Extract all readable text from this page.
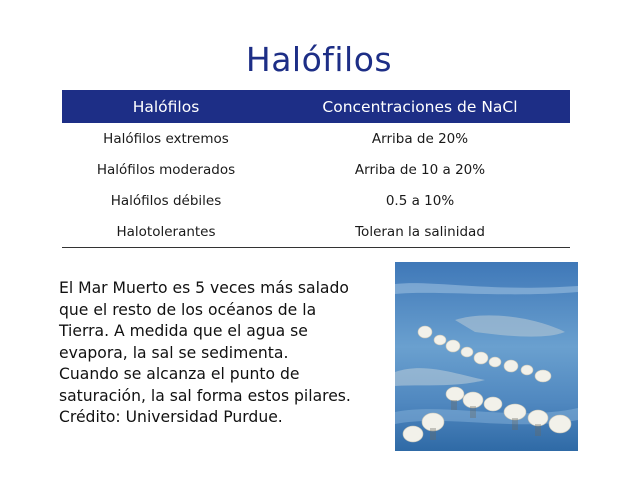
Halófilos
Halófilos	Concentraciones de NaCl
Halófilos extremos	Arriba de 20%
Halófilos moderados	Arriba de 10 a 20%
Halófilos débiles	0.5 a 10%
Halotolerantes	Toleran la salinidad
El Mar Muerto es 5 veces más salado
que el resto de los océanos de la
Tierra. A medida que el agua se
evapora, la sal se sedimenta.
Cuando se alcanza el punto de
saturación, la sal forma estos pilares.
Crédito: Universidad Purdue.
